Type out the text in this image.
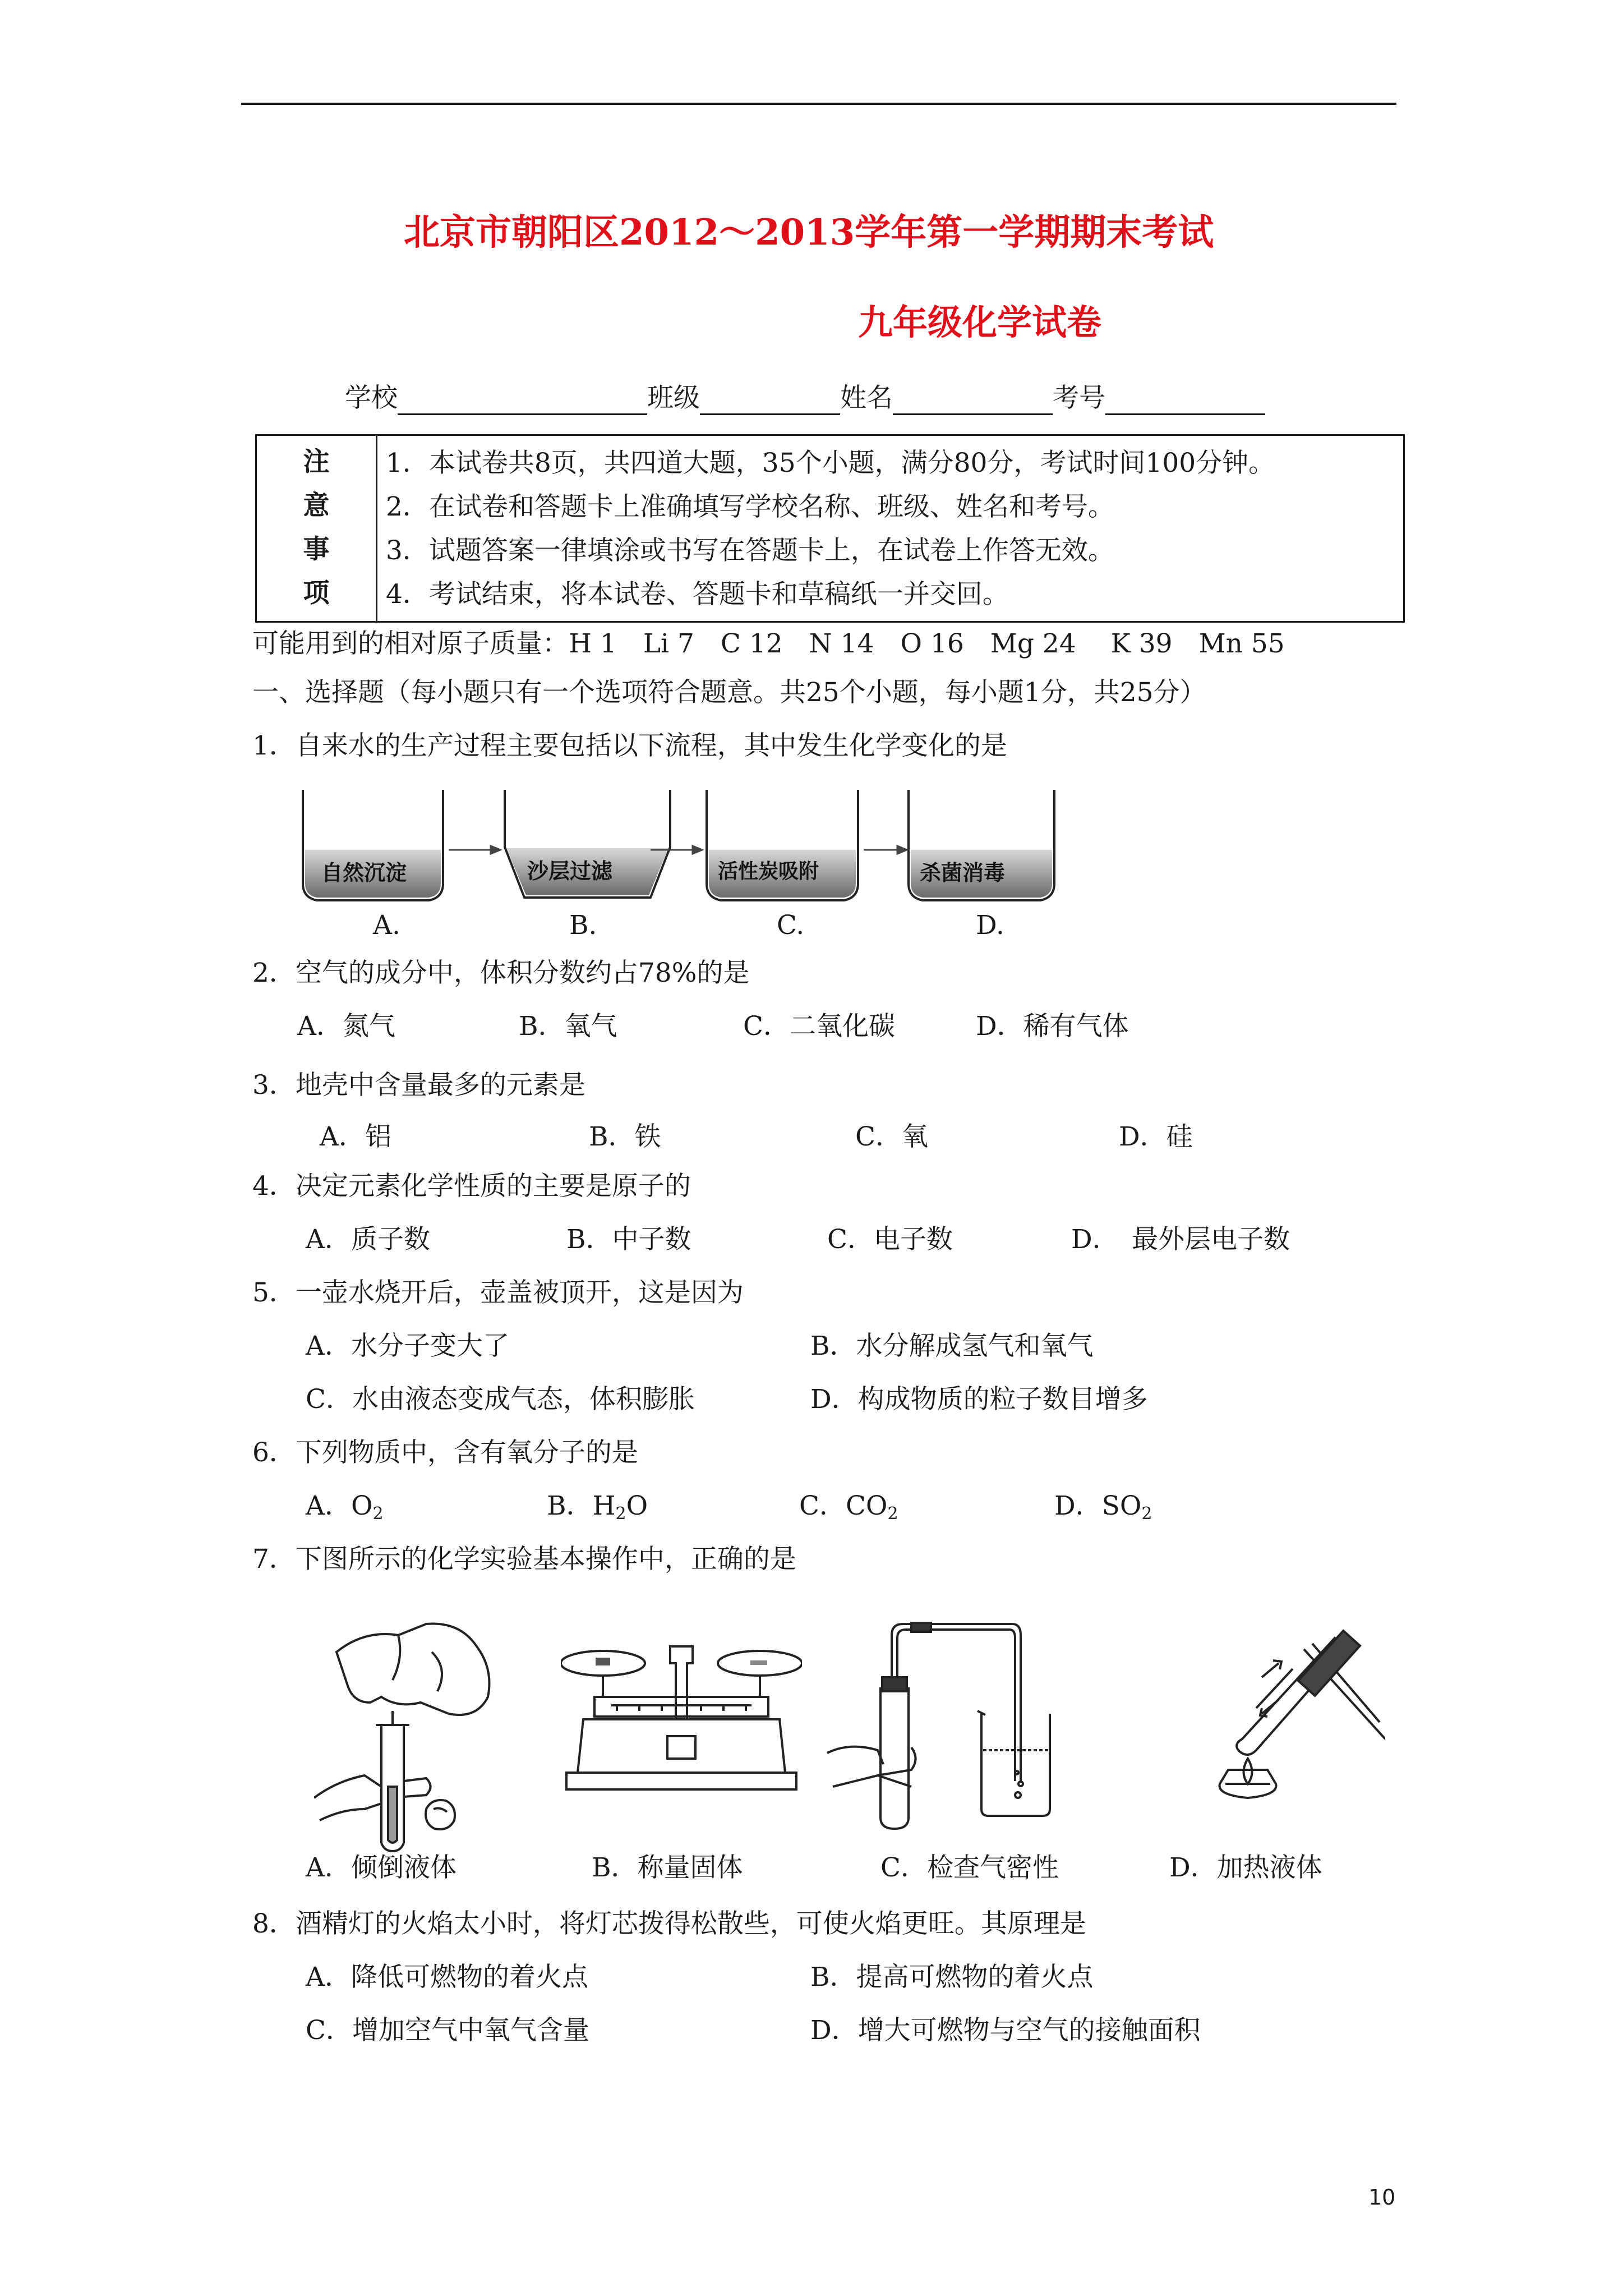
北京市朝阳区2012～2013学年第一学期期末考试
九年级化学试卷
学校	班级	姓名	考号
注
意
事
项
1．本试卷共8页，共四道大题，35个小题，满分80分，考试时间100分钟。
2．在试卷和答题卡上准确填写学校名称、班级、姓名和考号。
3．试题答案一律填涂或书写在答题卡上，在试卷上作答无效。
4．考试结束，将本试卷、答题卡和草稿纸一并交回。
可能用到的相对原子质量：H 1　Li 7　C 12　N 14　O 16　Mg 24　 K 39　Mn 55
一、选择题（每小题只有一个选项符合题意。共25个小题，每小题1分，共25分）
1．自来水的生产过程主要包括以下流程，其中发生化学变化的是
自然沉淀	沙层过滤	活性炭吸附	杀菌消毒
A.	B.	C.	D.
2．空气的成分中，体积分数约占78%的是
A．氮气	B．氧气	C．二氧化碳	D．稀有气体
3．地壳中含量最多的元素是
A．铝	B．铁	C．氧	D．硅
4．决定元素化学性质的主要是原子的
A．质子数	B．中子数	C．电子数	D．　最外层电子数
5．一壶水烧开后，壶盖被顶开，这是因为
A．水分子变大了	B．水分解成氢气和氧气
C．水由液态变成气态，体积膨胀	D．构成物质的粒子数目增多
6．下列物质中，含有氧分子的是
A．$O_2$	B．$H_2O$	C．$CO_2$	D．$SO_2$
7．下图所示的化学实验基本操作中，正确的是
A．倾倒液体	B．称量固体	C．检查气密性	D．加热液体
8．酒精灯的火焰太小时，将灯芯拨得松散些，可使火焰更旺。其原理是
A．降低可燃物的着火点	B．提高可燃物的着火点
C．增加空气中氧气含量	D．增大可燃物与空气的接触面积
10
